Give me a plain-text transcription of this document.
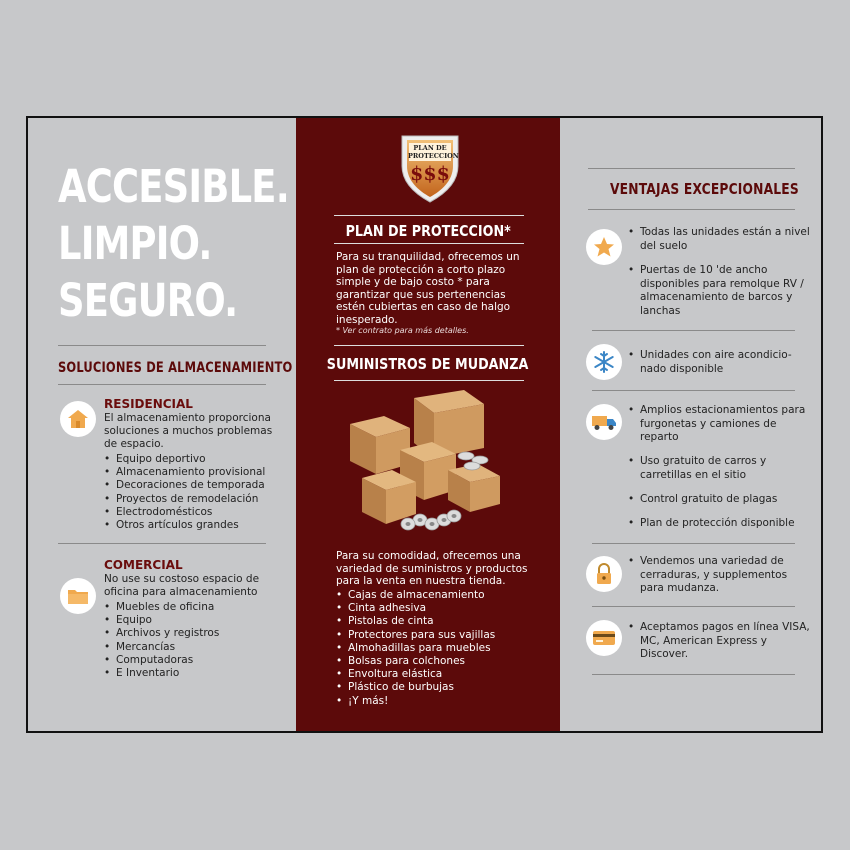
ACCESIBLE.
LIMPIO.
SEGURO.
SOLUCIONES DE ALMACENAMIENTO
RESIDENCIAL

El almacenamiento proporciona soluciones a muchos problemas de espacio.

• Equipo deportivo
• Almacenamiento provisional
• Decoraciones de temporada
• Proyectos de remodelación
• Electrodomésticos
• Otros artículos grandes
COMERCIAL

No use su costoso espacio de oficina para almacenamiento

• Muebles de oficina
• Equipo
• Archivos y registros
• Mercancías
• Computadoras
• E Inventario
PLAN DE PROTECCION
$$$
PLAN DE PROTECCION*

Para su tranquilidad, ofrecemos un plan de protección a corto plazo simple y de bajo costo * para garantizar que sus pertenencias estén cubiertas en caso de halgo inesperado.

* Ver contrato para más detalles.

SUMINISTROS DE MUDANZA

Para su comodidad, ofrecemos una variedad de suministros y productos para la venta en nuestra tienda.

• Cajas de almacenamiento
• Cinta adhesiva
• Pistolas de cinta
• Protectores para sus vajillas
• Almohadillas para muebles
• Bolsas para colchones
• Envoltura elástica
• Plástico de burbujas
• ¡Y más!
VENTAJAS EXCEPCIONALES

• Todas las unidades están a nivel del suelo

• Puertas de 10 'de ancho disponibles para remolque RV / almacenamiento de barcos y lanchas

• Unidades con aire acondicio-nado disponible

• Amplios estacionamientos para furgonetas y camiones de reparto

• Uso gratuito de carros y carretillas en el sitio

• Control gratuito de plagas

• Plan de protección disponible

• Vendemos una variedad de cerraduras, y supplementos para mudanza.

• Aceptamos pagos en línea VISA, MC, American Express y Discover.
